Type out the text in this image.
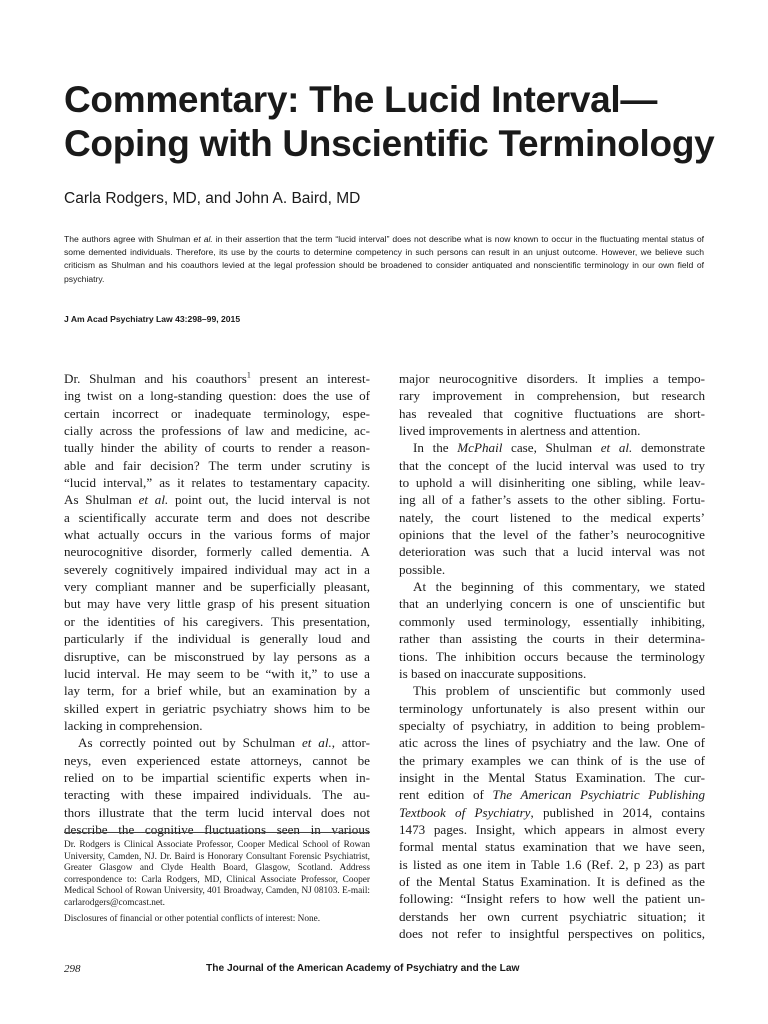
Commentary: The Lucid Interval—
Coping with Unscientific Terminology

Carla Rodgers, MD, and John A. Baird, MD

The authors agree with Shulman et al. in their assertion that the term “lucid interval” does not describe what is now known to occur in the fluctuating mental status of some demented individuals. Therefore, its use by the courts to determine competency in such persons can result in an unjust outcome. However, we believe such criticism as Shulman and his coauthors levied at the legal profession should be broadened to consider antiquated and nonscientific terminology in our own field of psychiatry.

J Am Acad Psychiatry Law 43:298–99, 2015

Dr. Shulman and his coauthors$^1$ present an interest-
ing twist on a long-standing question: does the use of
certain incorrect or inadequate terminology, espe-
cially across the professions of law and medicine, ac-
tually hinder the ability of courts to render a reason-
able and fair decision? The term under scrutiny is
“lucid interval,” as it relates to testamentary capacity.
As Shulman et al. point out, the lucid interval is not
a scientifically accurate term and does not describe
what actually occurs in the various forms of major
neurocognitive disorder, formerly called dementia. A
severely cognitively impaired individual may act in a
very compliant manner and be superficially pleasant,
but may have very little grasp of his present situation
or the identities of his caregivers. This presentation,
particularly if the individual is generally loud and
disruptive, can be misconstrued by lay persons as a
lucid interval. He may seem to be “with it,” to use a
lay term, for a brief while, but an examination by a
skilled expert in geriatric psychiatry shows him to be
lacking in comprehension.

As correctly pointed out by Schulman et al., attor-
neys, even experienced estate attorneys, cannot be
relied on to be impartial scientific experts when in-
teracting with these impaired individuals. The au-
thors illustrate that the term lucid interval does not
describe the cognitive fluctuations seen in various

Dr. Rodgers is Clinical Associate Professor, Cooper Medical School of Rowan University, Camden, NJ. Dr. Baird is Honorary Consultant Forensic Psychiatrist, Greater Glasgow and Clyde Health Board, Glasgow, Scotland. Address correspondence to: Carla Rodgers, MD, Clinical Associate Professor, Cooper Medical School of Rowan University, 401 Broadway, Camden, NJ 08103. E-mail: carlarodgers@comcast.net.

Disclosures of financial or other potential conflicts of interest: None.

major neurocognitive disorders. It implies a tempo-
rary improvement in comprehension, but research
has revealed that cognitive fluctuations are short-
lived improvements in alertness and attention.

In the McPhail case, Shulman et al. demonstrate
that the concept of the lucid interval was used to try
to uphold a will disinheriting one sibling, while leav-
ing all of a father’s assets to the other sibling. Fortu-
nately, the court listened to the medical experts’
opinions that the level of the father’s neurocognitive
deterioration was such that a lucid interval was not
possible.

At the beginning of this commentary, we stated
that an underlying concern is one of unscientific but
commonly used terminology, essentially inhibiting,
rather than assisting the courts in their determina-
tions. The inhibition occurs because the terminology
is based on inaccurate suppositions.

This problem of unscientific but commonly used
terminology unfortunately is also present within our
specialty of psychiatry, in addition to being problem-
atic across the lines of psychiatry and the law. One of
the primary examples we can think of is the use of
insight in the Mental Status Examination. The cur-
rent edition of The American Psychiatric Publishing
Textbook of Psychiatry, published in 2014, contains
1473 pages. Insight, which appears in almost every
formal mental status examination that we have seen,
is listed as one item in Table 1.6 (Ref. 2, p 23) as part
of the Mental Status Examination. It is defined as the
following: “Insight refers to how well the patient un-
derstands her own current psychiatric situation; it
does not refer to insightful perspectives on politics,

298	The Journal of the American Academy of Psychiatry and the Law
